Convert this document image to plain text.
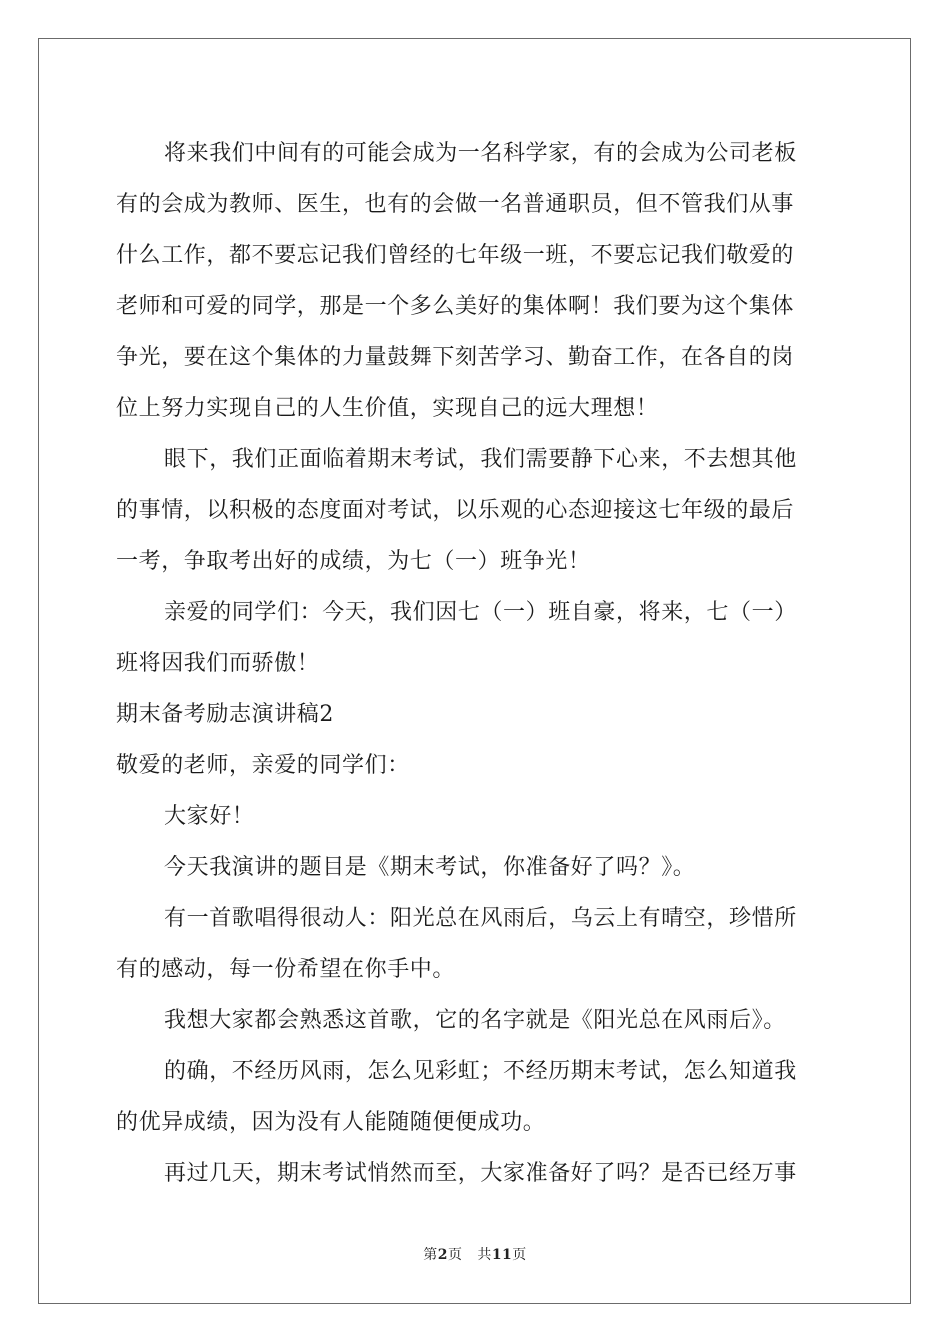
将来我们中间有的可能会成为一名科学家，有的会成为公司老板
有的会成为教师、医生，也有的会做一名普通职员，但不管我们从事
什么工作，都不要忘记我们曾经的七年级一班，不要忘记我们敬爱的
老师和可爱的同学，那是一个多么美好的集体啊！我们要为这个集体
争光，要在这个集体的力量鼓舞下刻苦学习、勤奋工作，在各自的岗
位上努力实现自己的人生价值，实现自己的远大理想！
眼下，我们正面临着期末考试，我们需要静下心来，不去想其他
的事情，以积极的态度面对考试，以乐观的心态迎接这七年级的最后
一考，争取考出好的成绩，为七（一）班争光！
亲爱的同学们：今天，我们因七（一）班自豪，将来，七（一）
班将因我们而骄傲！
期末备考励志演讲稿2
敬爱的老师，亲爱的同学们：
大家好！
今天我演讲的题目是《期末考试，你准备好了吗？》。
有一首歌唱得很动人：阳光总在风雨后，乌云上有晴空，珍惜所
有的感动，每一份希望在你手中。
我想大家都会熟悉这首歌，它的名字就是《阳光总在风雨后》。
的确，不经历风雨，怎么见彩虹；不经历期末考试，怎么知道我
的优异成绩，因为没有人能随随便便成功。
再过几天，期末考试悄然而至，大家准备好了吗？是否已经万事
第2页 共11页
